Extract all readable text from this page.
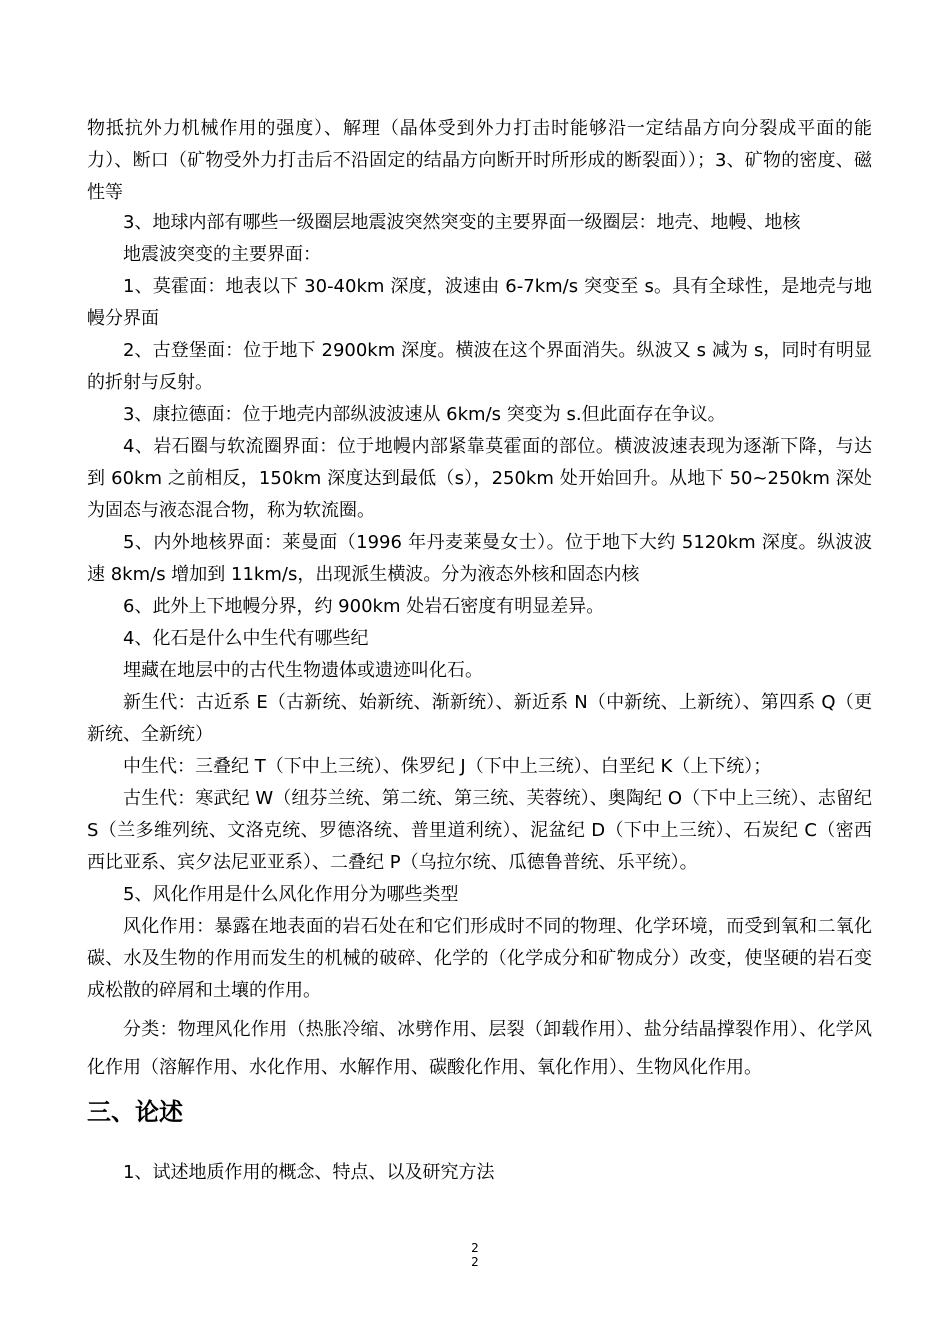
物抵抗外力机械作用的强度）、解理（晶体受到外力打击时能够沿一定结晶方向分裂成平面的能力）、断口（矿物受外力打击后不沿固定的结晶方向断开时所形成的断裂面））；3、矿物的密度、磁性等

3、地球内部有哪些一级圈层地震波突然突变的主要界面一级圈层：地壳、地幔、地核

地震波突变的主要界面：

1、莫霍面：地表以下 30-40km 深度，波速由 6-7km/s 突变至 s。具有全球性，是地壳与地幔分界面

2、古登堡面：位于地下 2900km 深度。横波在这个界面消失。纵波又 s 减为 s，同时有明显的折射与反射。

3、康拉德面：位于地壳内部纵波波速从 6km/s 突变为 s.但此面存在争议。

4、岩石圈与软流圈界面：位于地幔内部紧靠莫霍面的部位。横波波速表现为逐渐下降，与达到 60km 之前相反，150km 深度达到最低（s），250km 处开始回升。从地下 50~250km 深处为固态与液态混合物，称为软流圈。

5、内外地核界面：莱曼面（1996 年丹麦莱曼女士）。位于地下大约 5120km 深度。纵波波速 8km/s 增加到 11km/s，出现派生横波。分为液态外核和固态内核

6、此外上下地幔分界，约 900km 处岩石密度有明显差异。

4、化石是什么中生代有哪些纪

埋藏在地层中的古代生物遗体或遗迹叫化石。

新生代：古近系 E（古新统、始新统、渐新统）、新近系 N（中新统、上新统）、第四系 Q（更新统、全新统）

中生代：三叠纪 T（下中上三统）、侏罗纪 J（下中上三统）、白垩纪 K（上下统）；

古生代：寒武纪 W（纽芬兰统、第二统、第三统、芙蓉统）、奥陶纪 O（下中上三统）、志留纪 S（兰多维列统、文洛克统、罗德洛统、普里道利统）、泥盆纪 D（下中上三统）、石炭纪 C（密西西比亚系、宾夕法尼亚亚系）、二叠纪 P（乌拉尔统、瓜德鲁普统、乐平统）。

5、风化作用是什么风化作用分为哪些类型

风化作用：暴露在地表面的岩石处在和它们形成时不同的物理、化学环境，而受到氧和二氧化碳、水及生物的作用而发生的机械的破碎、化学的（化学成分和矿物成分）改变，使坚硬的岩石变成松散的碎屑和土壤的作用。

分类：物理风化作用（热胀冷缩、冰劈作用、层裂（卸载作用）、盐分结晶撑裂作用）、化学风化作用（溶解作用、水化作用、水解作用、碳酸化作用、氧化作用）、生物风化作用。

三、论述

1、试述地质作用的概念、特点、以及研究方法

2
2
